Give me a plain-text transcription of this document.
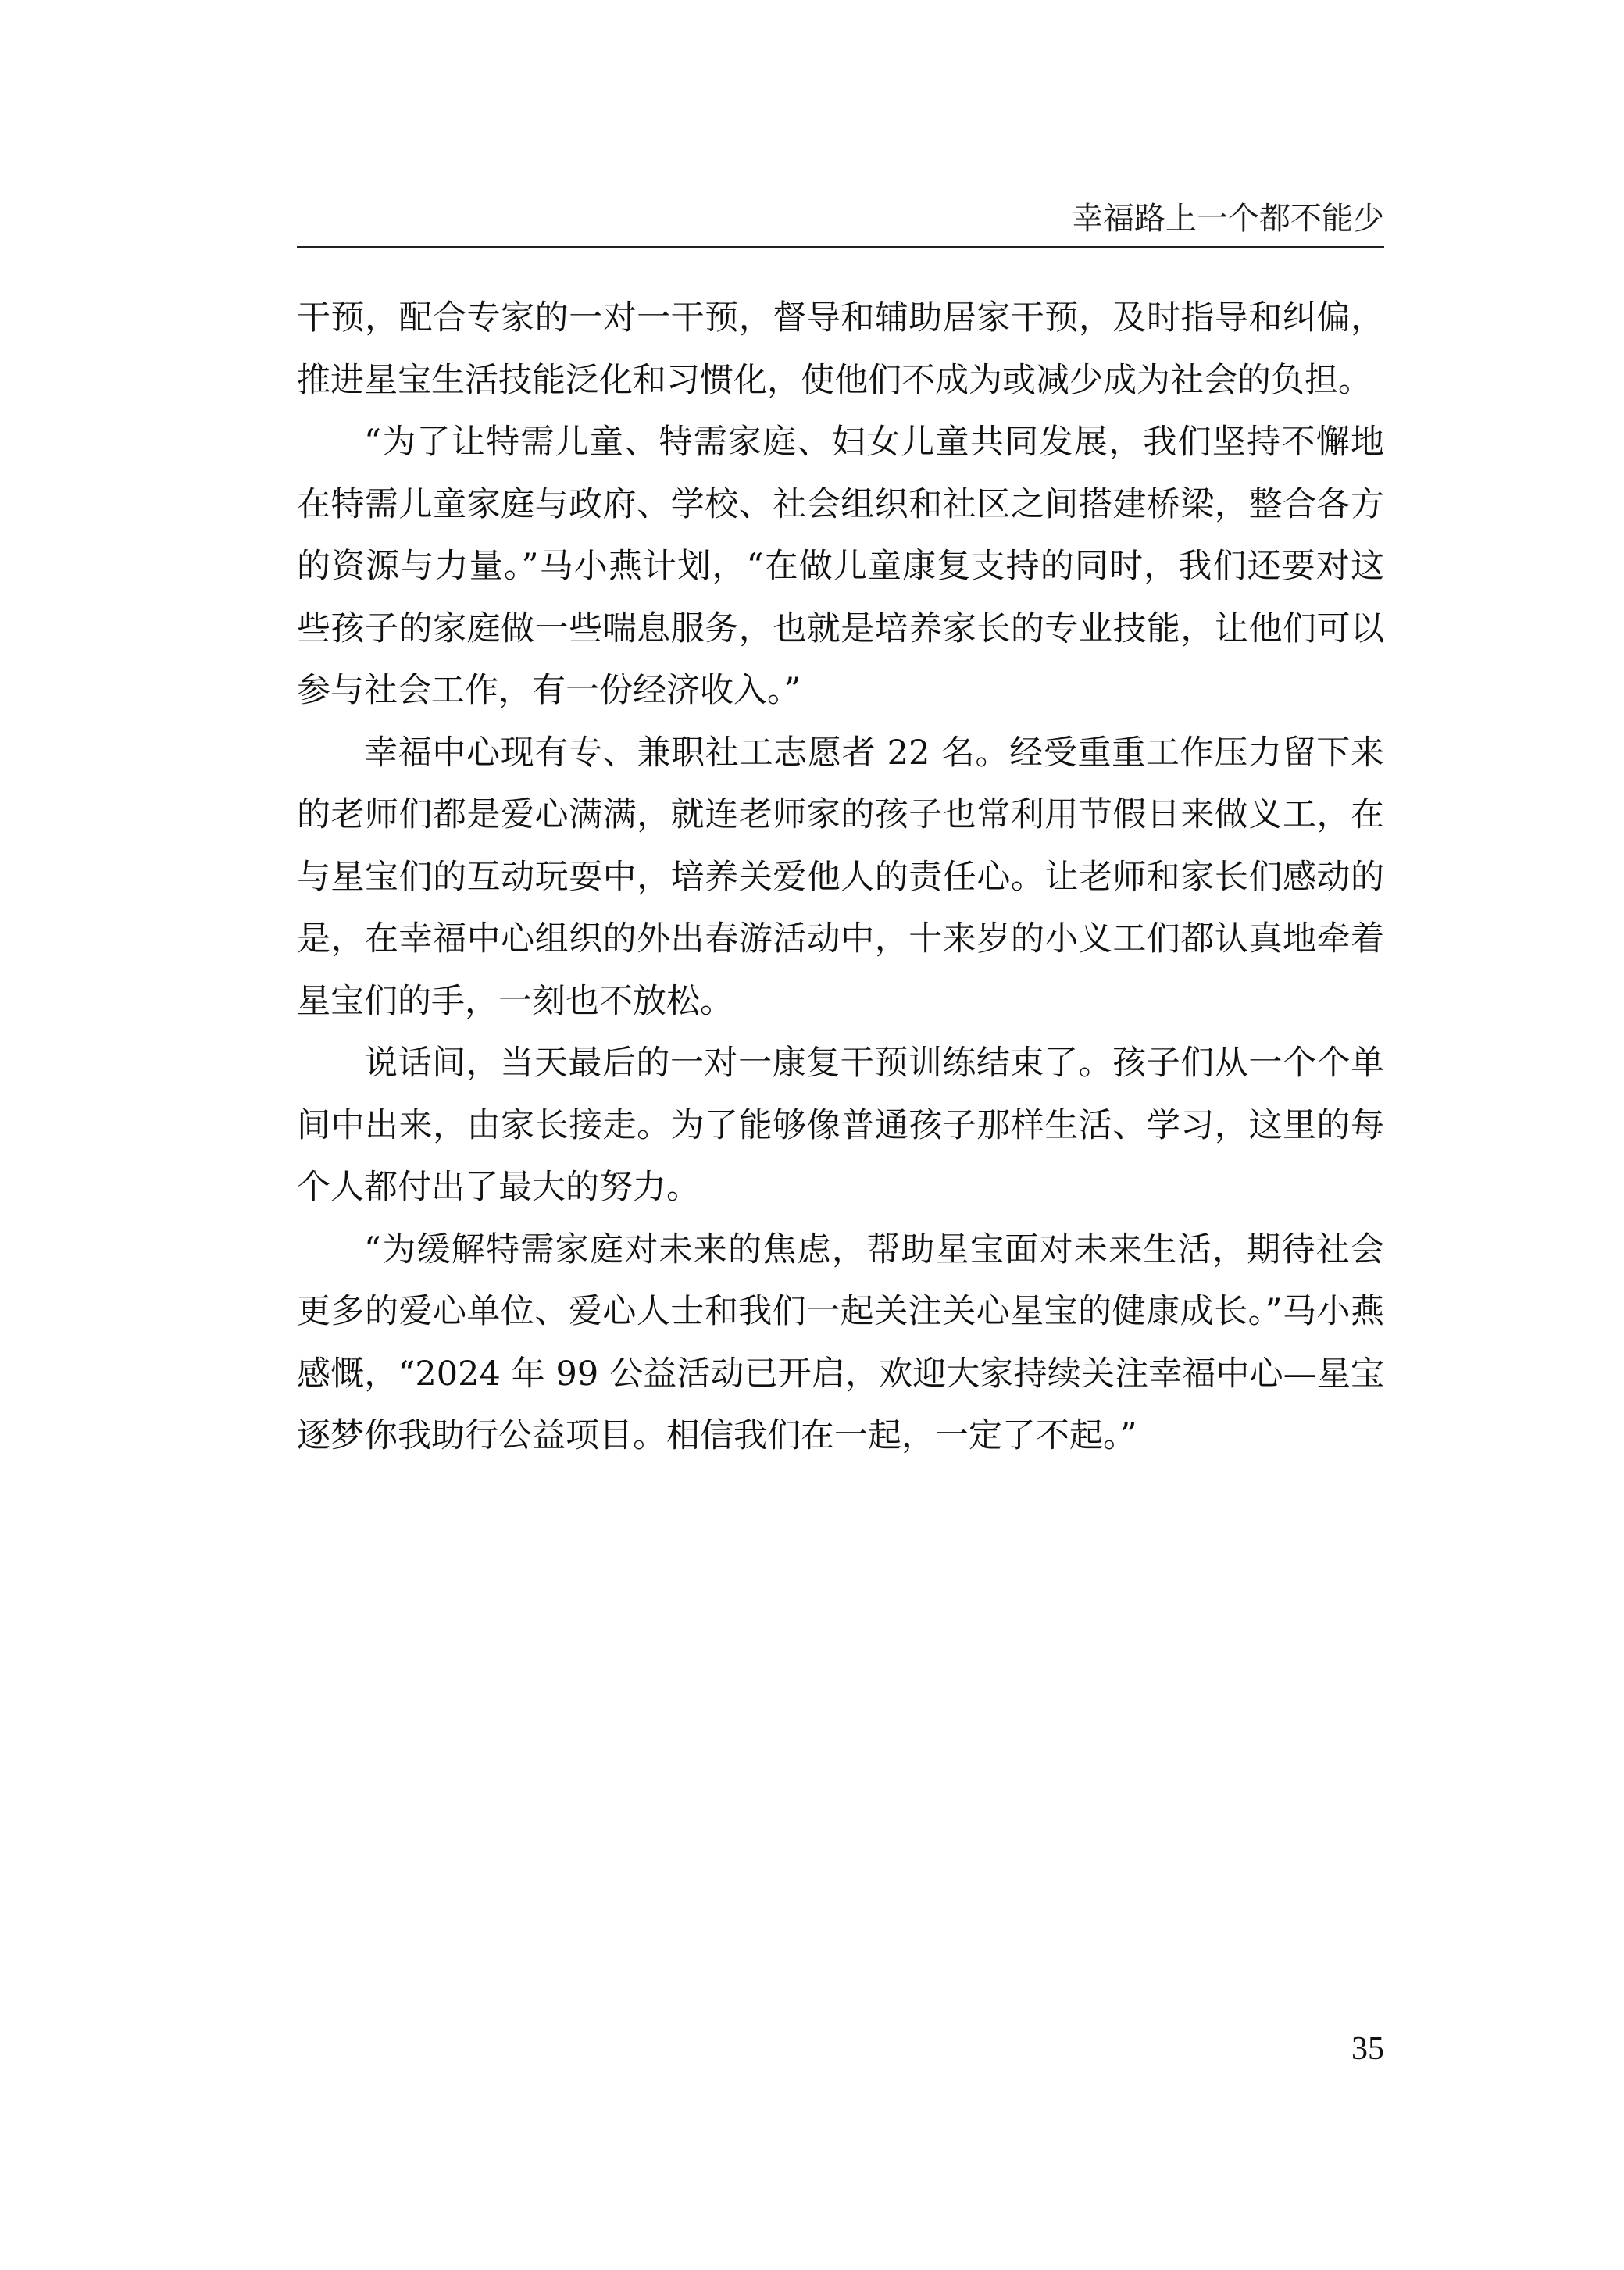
幸福路上一个都不能少

干预，配合专家的一对一干预，督导和辅助居家干预，及时指导和纠偏，推进星宝生活技能泛化和习惯化，使他们不成为或减少成为社会的负担。

“为了让特需儿童、特需家庭、妇女儿童共同发展，我们坚持不懈地在特需儿童家庭与政府、学校、社会组织和社区之间搭建桥梁，整合各方的资源与力量。”马小燕计划，“在做儿童康复支持的同时，我们还要对这些孩子的家庭做一些喘息服务，也就是培养家长的专业技能，让他们可以参与社会工作，有一份经济收入。”

幸福中心现有专、兼职社工志愿者 22 名。经受重重工作压力留下来的老师们都是爱心满满，就连老师家的孩子也常利用节假日来做义工，在与星宝们的互动玩耍中，培养关爱他人的责任心。让老师和家长们感动的是，在幸福中心组织的外出春游活动中，十来岁的小义工们都认真地牵着星宝们的手，一刻也不放松。

说话间，当天最后的一对一康复干预训练结束了。孩子们从一个个单间中出来，由家长接走。为了能够像普通孩子那样生活、学习，这里的每个人都付出了最大的努力。

“为缓解特需家庭对未来的焦虑，帮助星宝面对未来生活，期待社会更多的爱心单位、爱心人士和我们一起关注关心星宝的健康成长。”马小燕感慨，“2024 年 99 公益活动已开启，欢迎大家持续关注幸福中心—星宝逐梦你我助行公益项目。相信我们在一起，一定了不起。”

35
